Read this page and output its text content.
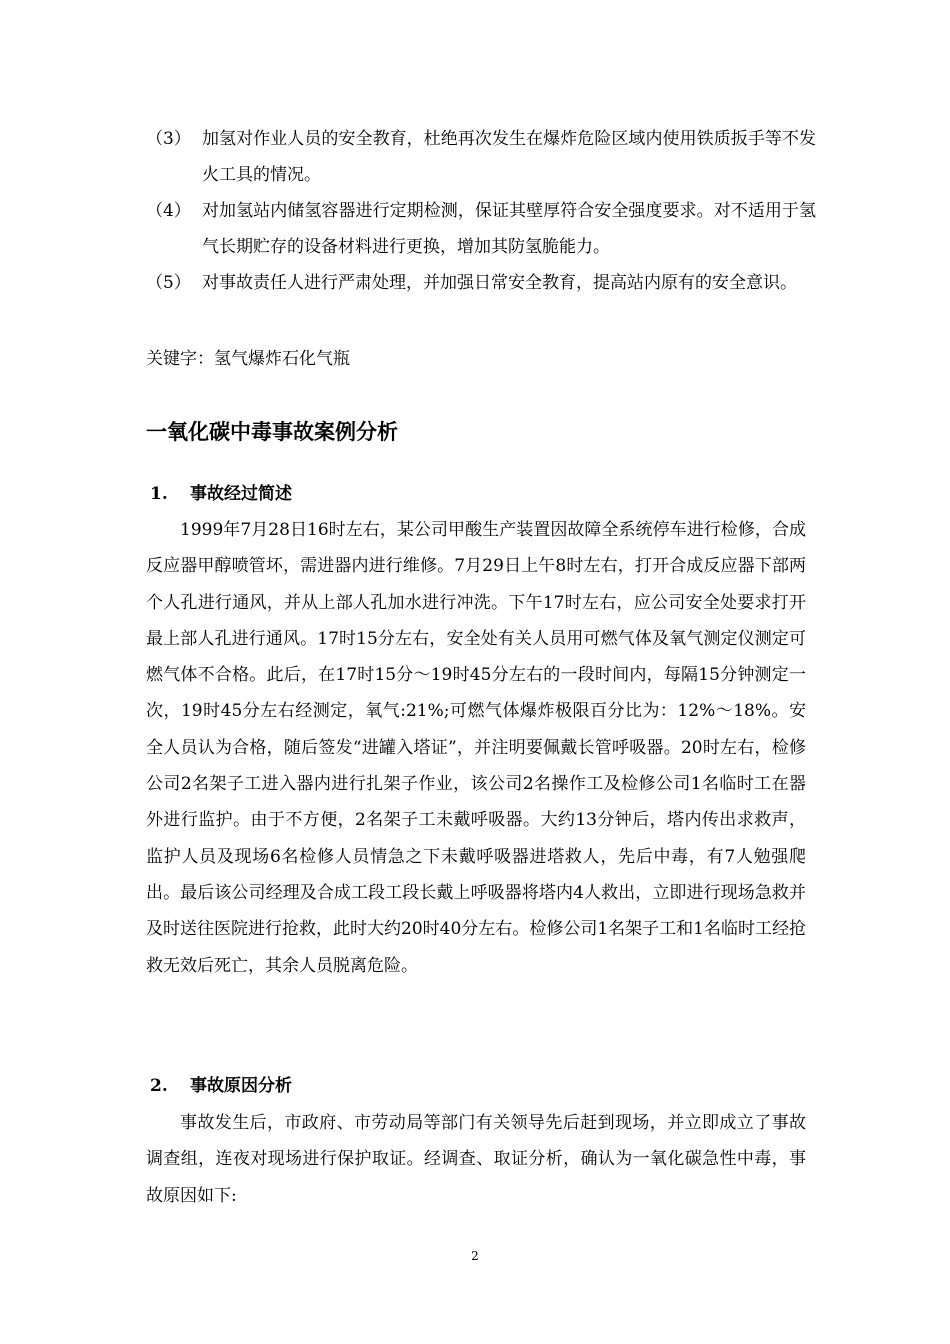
（3） 加氢对作业人员的安全教育，杜绝再次发生在爆炸危险区域内使用铁质扳手等不发火工具的情况。
（4） 对加氢站内储氢容器进行定期检测，保证其壁厚符合安全强度要求。对不适用于氢气长期贮存的设备材料进行更换，增加其防氢脆能力。
（5） 对事故责任人进行严肃处理，并加强日常安全教育，提高站内原有的安全意识。
关键字：氢气爆炸石化气瓶
一氧化碳中毒事故案例分析
1. 事故经过简述
1999年7月28日16时左右，某公司甲酸生产装置因故障全系统停车进行检修，合成反应器甲醇喷管坏，需进器内进行维修。7月29日上午8时左右，打开合成反应器下部两个人孔进行通风，并从上部人孔加水进行冲洗。下午17时左右，应公司安全处要求打开最上部人孔进行通风。17时15分左右，安全处有关人员用可燃气体及氧气测定仪测定可燃气体不合格。此后，在17时15分～19时45分左右的一段时间内，每隔15分钟测定一次，19时45分左右经测定，氧气:21%;可燃气体爆炸极限百分比为：12%～18%。安全人员认为合格，随后签发“进罐入塔证”，并注明要佩戴长管呼吸器。20时左右，检修公司2名架子工进入器内进行扎架子作业，该公司2名操作工及检修公司1名临时工在器外进行监护。由于不方便，2名架子工未戴呼吸器。大约13分钟后，塔内传出求救声，监护人员及现场6名检修人员情急之下未戴呼吸器进塔救人，先后中毒，有7人勉强爬出。最后该公司经理及合成工段工段长戴上呼吸器将塔内4人救出，立即进行现场急救并及时送往医院进行抢救，此时大约20时40分左右。检修公司1名架子工和1名临时工经抢救无效后死亡，其余人员脱离危险。
2. 事故原因分析
事故发生后，市政府、市劳动局等部门有关领导先后赶到现场，并立即成立了事故调查组，连夜对现场进行保护取证。经调查、取证分析，确认为一氧化碳急性中毒，事故原因如下:
2
